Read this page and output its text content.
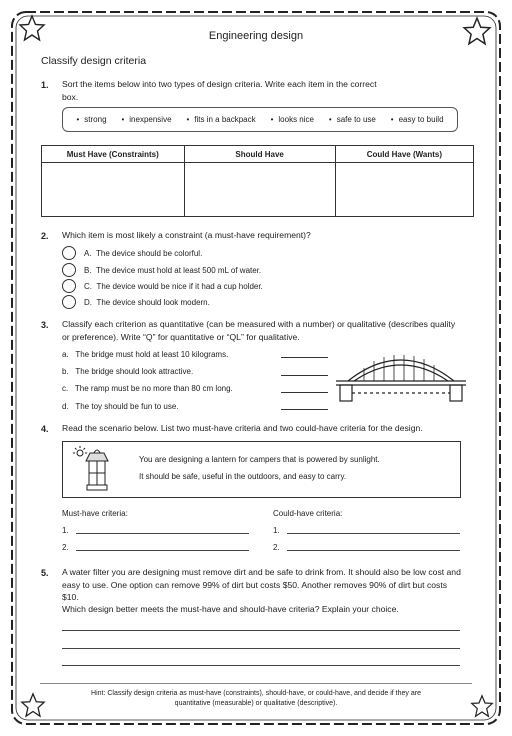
Engineering design
Classify design criteria
1. Sort the items below into two types of design criteria. Write each item in the correct box.
• strong	• inexpensive	• fits in a backpack	• looks nice	• safe to use	• easy to build
Must Have (Constraints)	Should Have	Could Have (Wants)

2. Which item is most likely a constraint (a must-have requirement)?
A.
The device should be colorful.
B.
The device must hold at least 500 mL of water.
C.
The device would be nice if it had a cup holder.
D.
The device should look modern.
3. Classify each criterion as quantitative (can be measured with a number) or qualitative (describes quality or preference). Write “Q” for quantitative or “QL” for qualitative.
a. The bridge must hold at least 10 kilograms.
b. The bridge should look attractive.
c. The ramp must be no more than 80 cm long.
d. The toy should be fun to use.
4. Read the scenario below. List two must-have criteria and two could-have criteria for the design.
You are designing a lantern for campers that is powered by sunlight.
It should be safe, useful in the outdoors, and easy to carry.
Must-have criteria:	Could-have criteria:
1.
2.
1.
2.
5. A water filter you are designing must remove dirt and be safe to drink from. It should also be low cost and easy to use. One option can remove 99% of dirt but costs $50. Another removes 90% of dirt but costs $10.
Which design better meets the must-have and should-have criteria? Explain your choice.
Hint: Classify design criteria as must-have (constraints), should-have, or could-have, and decide if they are
quantitative (measurable) or qualitative (descriptive).
